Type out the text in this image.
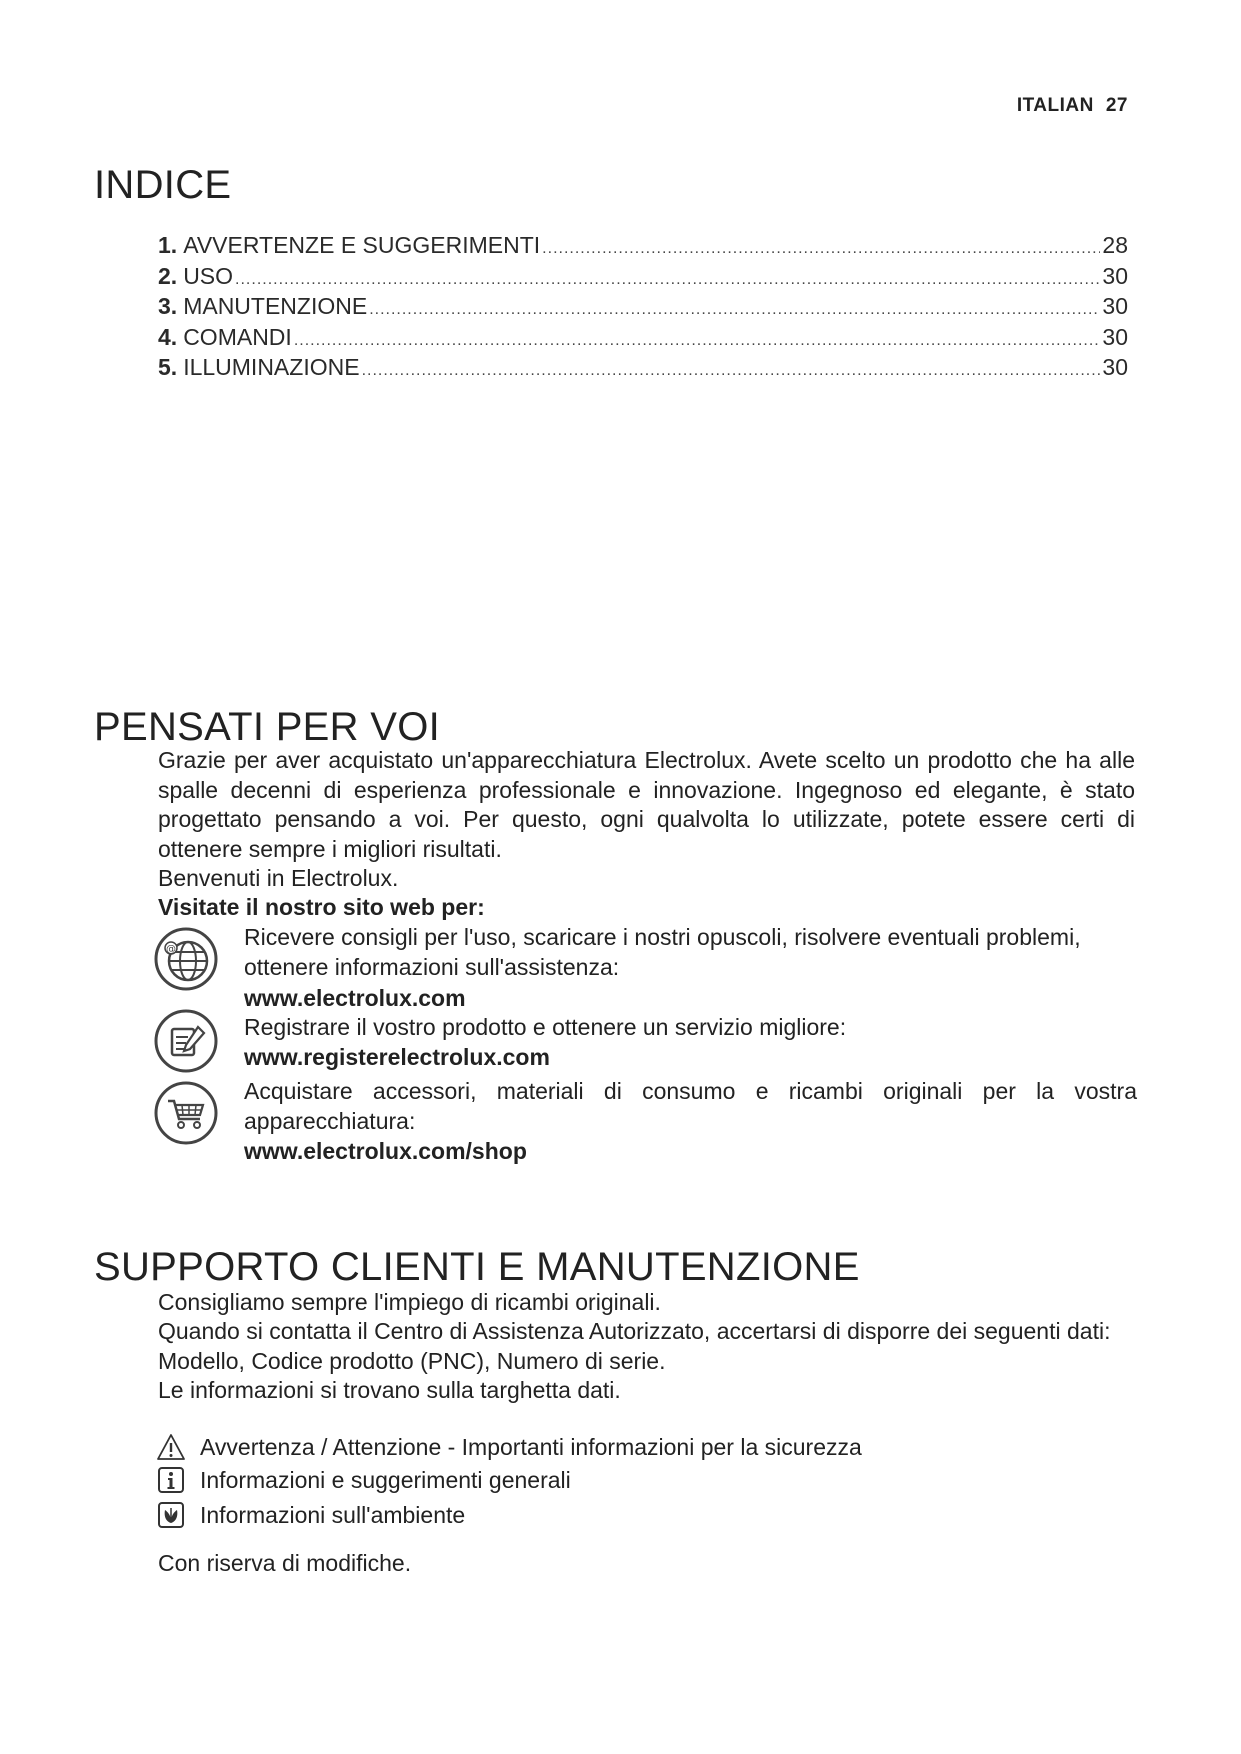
ITALIAN 27
INDICE
1. AVVERTENZE E SUGGERIMENTI .....	28
2. USO .....	30
3. MANUTENZIONE .....	30
4. COMANDI .....	30
5. ILLUMINAZIONE .....	30
PENSATI PER VOI
Grazie per aver acquistato un'apparecchiatura Electrolux. Avete scelto un prodotto che ha alle spalle decenni di esperienza professionale e innovazione. Ingegnoso ed elegante, è stato progettato pensando a voi. Per questo, ogni qualvolta lo utilizzate, potete essere certi di ottenere sempre i migliori risultati.
Benvenuti in Electrolux.
Visitate il nostro sito web per:
@	Ricevere consigli per l'uso, scaricare i nostri opuscoli, risolvere eventuali problemi, ottenere informazioni sull'assistenza:
www.electrolux.com
Registrare il vostro prodotto e ottenere un servizio migliore:
www.registerelectrolux.com
Acquistare accessori, materiali di consumo e ricambi originali per la vostra apparecchiatura:
www.electrolux.com/shop
SUPPORTO CLIENTI E MANUTENZIONE
Consigliamo sempre l'impiego di ricambi originali.
Quando si contatta il Centro di Assistenza Autorizzato, accertarsi di disporre dei seguenti dati: Modello, Codice prodotto (PNC), Numero di serie.
Le informazioni si trovano sulla targhetta dati.
Avvertenza / Attenzione - Importanti informazioni per la sicurezza
Informazioni e suggerimenti generali
Informazioni sull'ambiente
Con riserva di modifiche.
